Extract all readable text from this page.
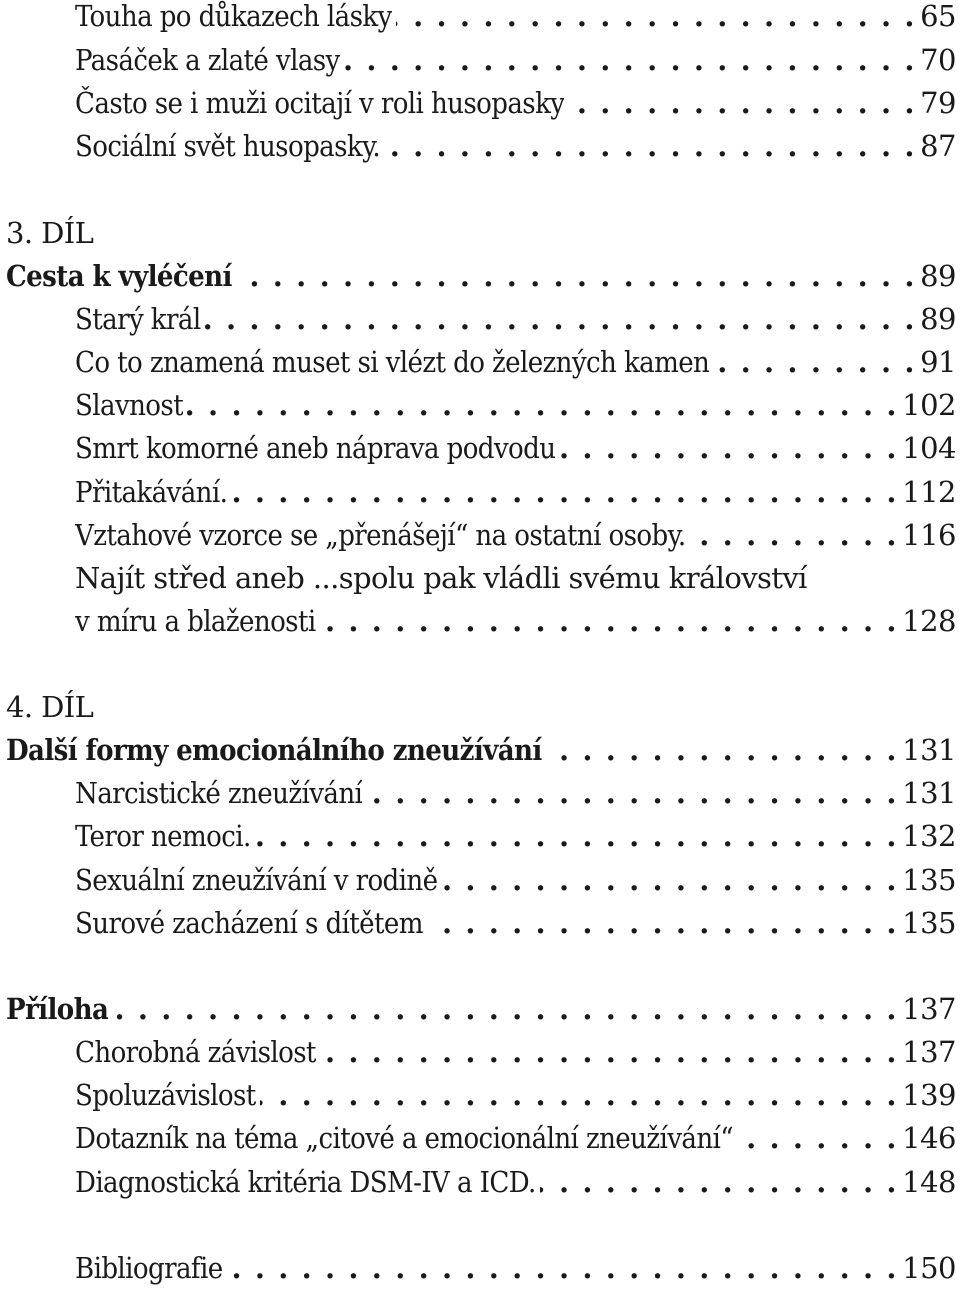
Touha po důkazech lásky . . .	65
Pasáček a zlaté vlasy . . .	70
Často se i muži ocitají v roli husopasky . . .	79
Sociální svět husopasky. . . .	87
3. DÍL
Cesta k vyléčení . . .	89
Starý král . . .	89
Co to znamená muset si vlézt do železných kamen . . .	91
Slavnost . . .	102
Smrt komorné aneb náprava podvodu . . .	104
Přitakávání. . . .	112
Vztahové vzorce se „přenášejí“ na ostatní osoby. . . .	116
Najít střed aneb ...spolu pak vládli svému království
v míru a blaženosti . . .	128
4. DÍL
Další formy emocionálního zneužívání . . .	131
Narcistické zneužívání . . .	131
Teror nemoci. . . .	132
Sexuální zneužívání v rodině . . .	135
Surové zacházení s dítětem . . .	135
Příloha . . .	137
Chorobná závislost . . .	137
Spoluzávislost . . .	139
Dotazník na téma „citové a emocionální zneužívání“ . . .	146
Diagnostická kritéria DSM-IV a ICD. . . .	148
Bibliografie . . .	150
